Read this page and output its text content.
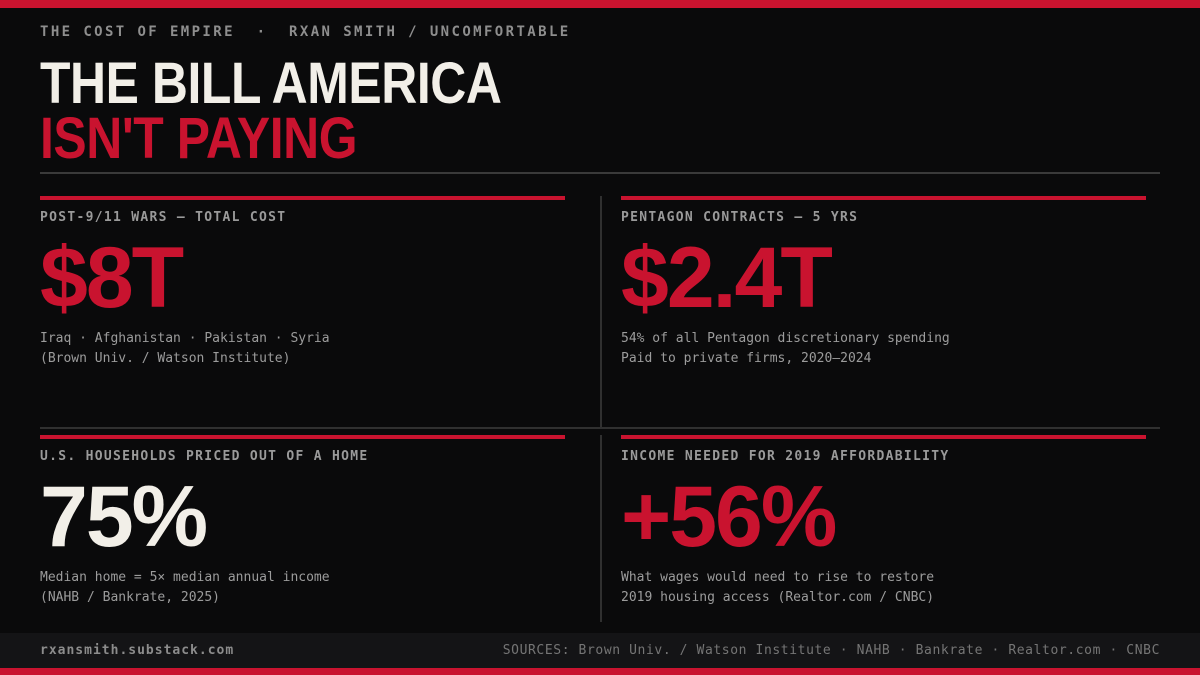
THE COST OF EMPIRE  ·  RXAN SMITH / UNCOMFORTABLE
THE BILL AMERICA
ISN'T PAYING
POST-9/11 WARS — TOTAL COST
$8T
Iraq · Afghanistan · Pakistan · Syria
(Brown Univ. / Watson Institute)
PENTAGON CONTRACTS — 5 YRS
$2.4T
54% of all Pentagon discretionary spending
Paid to private firms, 2020–2024
U.S. HOUSEHOLDS PRICED OUT OF A HOME
75%
Median home = 5× median annual income
(NAHB / Bankrate, 2025)
INCOME NEEDED FOR 2019 AFFORDABILITY
+56%
What wages would need to rise to restore
2019 housing access (Realtor.com / CNBC)
rxansmith.substack.com	SOURCES: Brown Univ. / Watson Institute · NAHB · Bankrate · Realtor.com · CNBC
